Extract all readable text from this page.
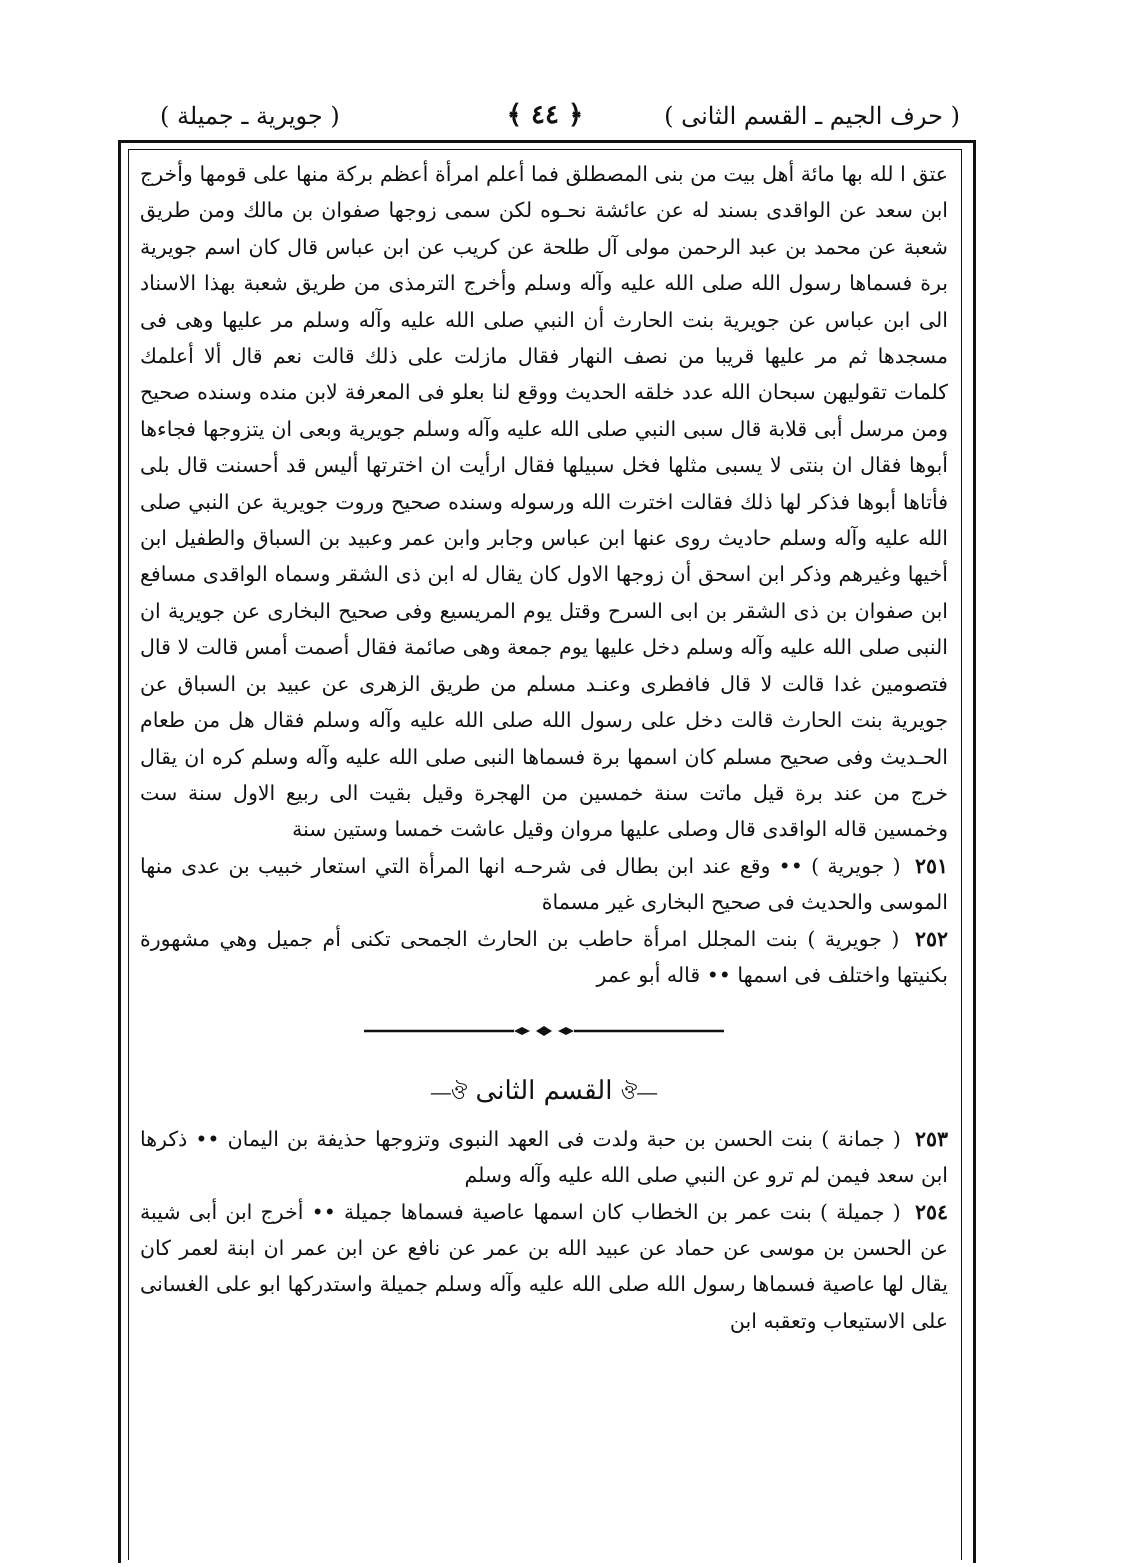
( حرف الجيم ـ القسم الثانى )
﴿ ٤٤ ﴾
( جويرية ـ جميلة )

عتق ا لله بها مائة أهل بيت من بنى المصطلق فما أعلم امرأة أعظم بركة منها على قومها وأخرج ابن سعد عن الواقدى بسند له عن عائشة نحـوه لكن سمى زوجها صفوان بن مالك ومن طريق شعبة عن محمد بن عبد الرحمن مولى آل طلحة عن كريب عن ابن عباس قال كان اسم جويرية برة فسماها رسول الله صلى الله عليه وآله وسلم وأخرج الترمذى من طريق شعبة بهذا الاسناد الى ابن عباس عن جويرية بنت الحارث أن النبي صلى الله عليه وآله وسلم مر عليها وهى فى مسجدها ثم مر عليها قريبا من نصف النهار فقال مازلت على ذلك قالت نعم قال ألا أعلمك كلمات تقوليهن سبحان الله عدد خلقه الحديث ووقع لنا بعلو فى المعرفة لابن منده وسنده صحيح ومن مرسل أبى قلابة قال سبى النبي صلى الله عليه وآله وسلم جويرية وبعى ان يتزوجها فجاءها أبوها فقال ان بنتى لا يسبى مثلها فخل سبيلها فقال ارأيت ان اخترتها أليس قد أحسنت قال بلى فأتاها أبوها فذكر لها ذلك فقالت اخترت الله ورسوله وسنده صحيح وروت جويرية عن النبي صلى الله عليه وآله وسلم حاديث روى عنها ابن عباس وجابر وابن عمر وعبيد بن السباق والطفيل ابن أخيها وغيرهم وذكر ابن اسحق أن زوجها الاول كان يقال له ابن ذى الشقر وسماه الواقدى مسافع ابن صفوان بن ذى الشقر بن ابى السرح وقتل يوم المريسيع وفى صحيح البخارى عن جويرية ان النبى صلى الله عليه وآله وسلم دخل عليها يوم جمعة وهى صائمة فقال أصمت أمس قالت لا قال فتصومين غدا قالت لا قال فافطرى وعنـد مسلم من طريق الزهرى عن عبيد بن السباق عن جويرية بنت الحارث قالت دخل على رسول الله صلى الله عليه وآله وسلم فقال هل من طعام الحـديث وفى صحيح مسلم كان اسمها برة فسماها النبى صلى الله عليه وآله وسلم كره ان يقال خرج من عند برة قيل ماتت سنة خمسين من الهجرة وقيل بقيت الى ربيع الاول سنة ست وخمسين قاله الواقدى قال وصلى عليها مروان وقيل عاشت خمسا وستين سنة

٢٥١ ( جويرية ) •• وقع عند ابن بطال فى شرحـه انها المرأة التي استعار خبيب بن عدى منها الموسى والحديث فى صحيح البخارى غير مسماة
٢٥٢ ( جويرية ) بنت المجلل امرأة حاطب بن الحارث الجمحى تكنى أم جميل وهي مشهورة بكنيتها واختلف فى اسمها •• قاله أبو عمر
―ঔ القسم الثانى ঔ―
٢٥٣ ( جمانة ) بنت الحسن بن حبة ولدت فى العهد النبوى وتزوجها حذيفة بن اليمان •• ذكرها ابن سعد فيمن لم ترو عن النبي صلى الله عليه وآله وسلم
٢٥٤ ( جميلة ) بنت عمر بن الخطاب كان اسمها عاصية فسماها جميلة •• أخرج ابن أبى شيبة عن الحسن بن موسى عن حماد عن عبيد الله بن عمر عن نافع عن ابن عمر ان ابنة لعمر كان يقال لها عاصية فسماها رسول الله صلى الله عليه وآله وسلم جميلة واستدركها ابو على الغسانى على الاستيعاب وتعقبه ابن
